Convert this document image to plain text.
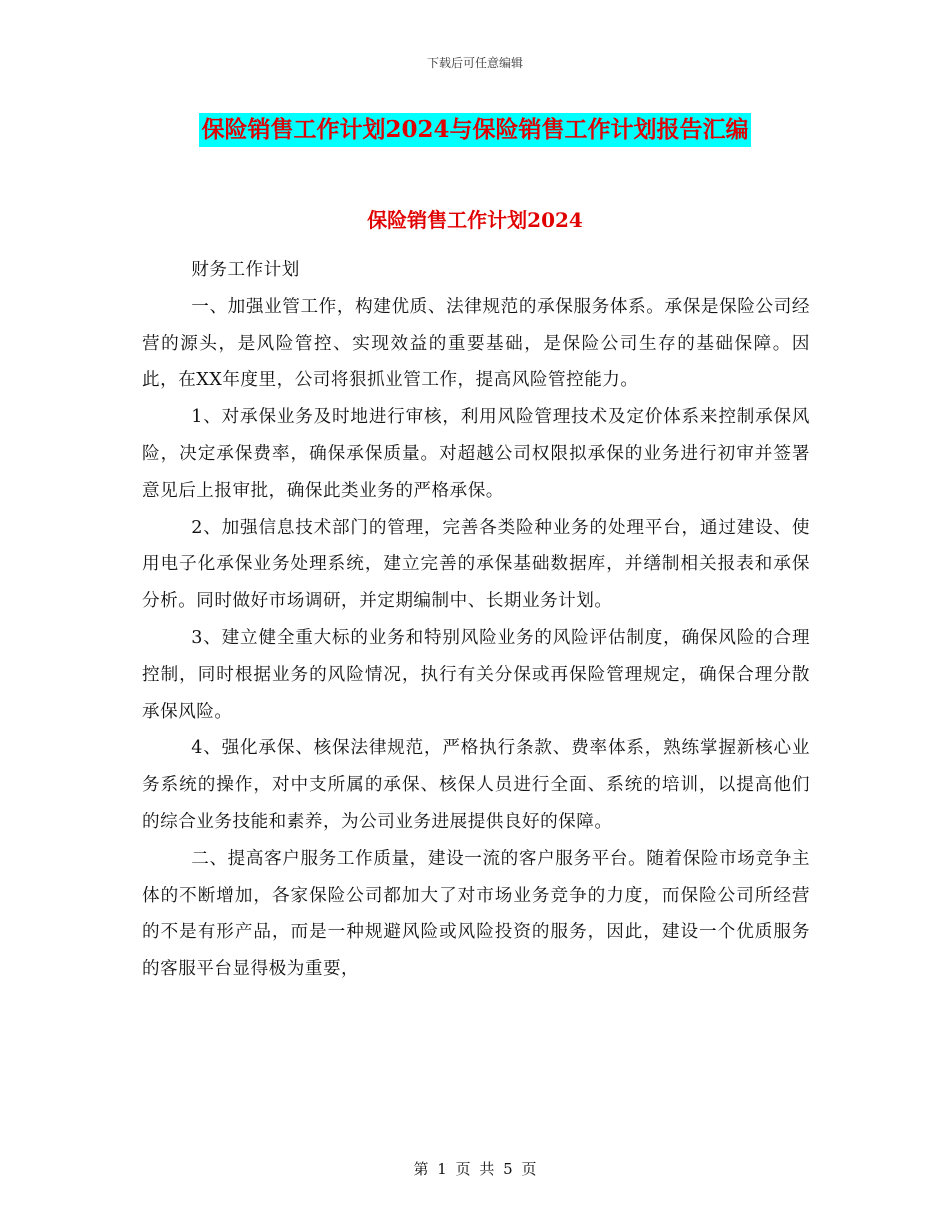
下载后可任意编辑
保险销售工作计划2024与保险销售工作计划报告汇编
保险销售工作计划2024

财务工作计划

一、加强业管工作，构建优质、法律规范的承保服务体系。承保是保险公司经营的源头，是风险管控、实现效益的重要基础，是保险公司生存的基础保障。因此，在XX年度里，公司将狠抓业管工作，提高风险管控能力。

1、对承保业务及时地进行审核，利用风险管理技术及定价体系来控制承保风险，决定承保费率，确保承保质量。对超越公司权限拟承保的业务进行初审并签署意见后上报审批，确保此类业务的严格承保。

2、加强信息技术部门的管理，完善各类险种业务的处理平台，通过建设、使用电子化承保业务处理系统，建立完善的承保基础数据库，并缮制相关报表和承保分析。同时做好市场调研，并定期编制中、长期业务计划。

3、建立健全重大标的业务和特别风险业务的风险评估制度，确保风险的合理控制，同时根据业务的风险情况，执行有关分保或再保险管理规定，确保合理分散承保风险。

4、强化承保、核保法律规范，严格执行条款、费率体系，熟练掌握新核心业务系统的操作，对中支所属的承保、核保人员进行全面、系统的培训，以提高他们的综合业务技能和素养，为公司业务进展提供良好的保障。

二、提高客户服务工作质量，建设一流的客户服务平台。随着保险市场竞争主体的不断增加，各家保险公司都加大了对市场业务竞争的力度，而保险公司所经营的不是有形产品，而是一种规避风险或风险投资的服务，因此，建设一个优质服务的客服平台显得极为重要，

第 1 页 共 5 页
